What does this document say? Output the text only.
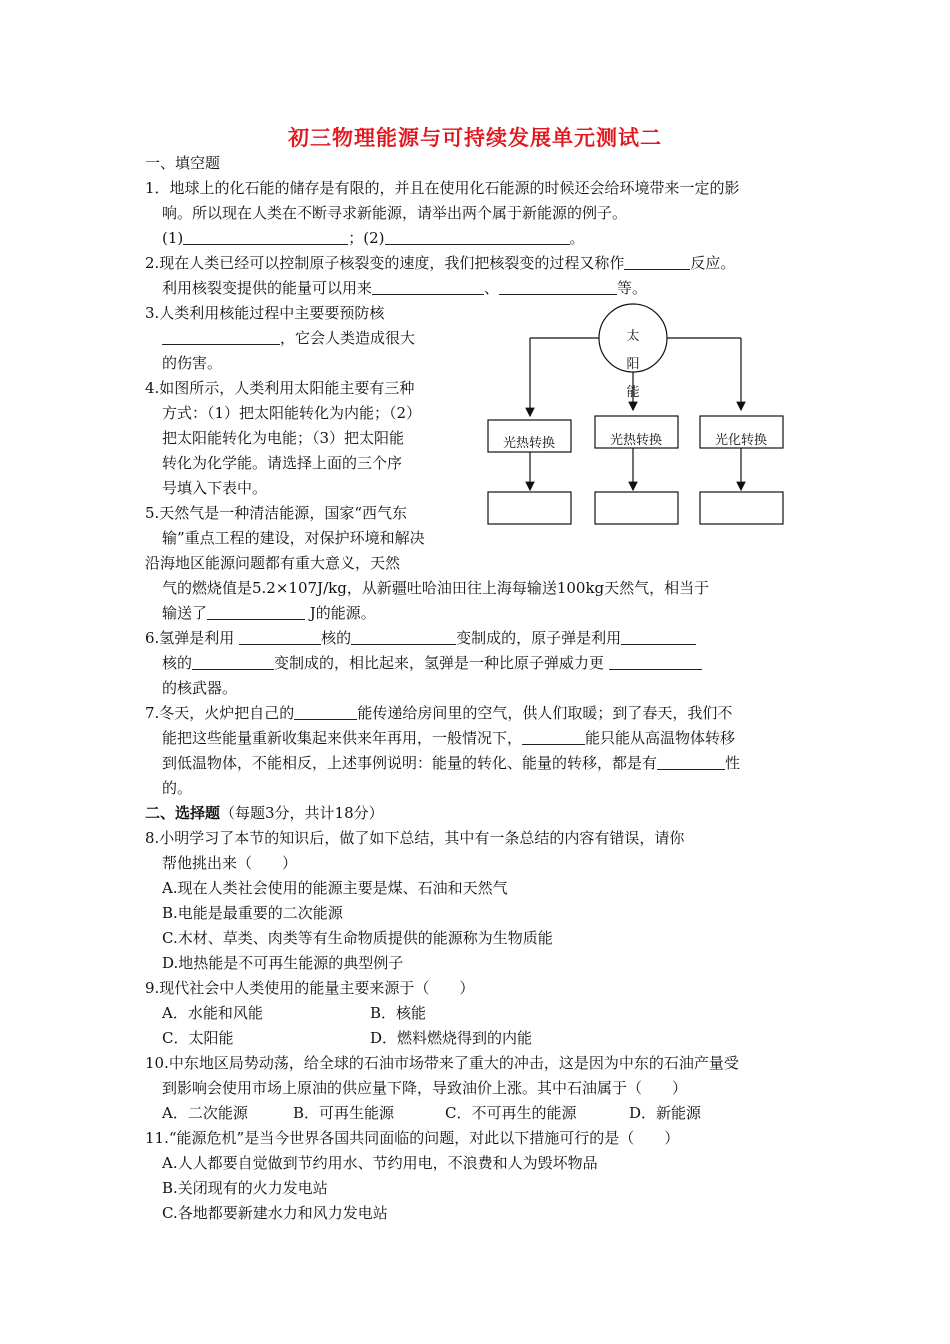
初三物理能源与可持续发展单元测试二
一、填空题
1．地球上的化石能的储存是有限的，并且在使用化石能源的时候还会给环境带来一定的影
响。所以现在人类在不断寻求新能源，请举出两个属于新能源的例子。
(1)	；(2)	。
2.现在人类已经可以控制原子核裂变的速度，我们把核裂变的过程又称作	反应。
利用核裂变提供的能量可以用来	、	等。
3.人类利用核能过程中主要要预防核
，它会人类造成很大
的伤害。
4.如图所示，人类利用太阳能主要有三种
方式：（1）把太阳能转化为内能；（2）
把太阳能转化为电能；（3）把太阳能
转化为化学能。请选择上面的三个序
号填入下表中。
太
阳
能
光热转换	光热转换	光化转换
5.天然气是一种清洁能源，国家“西气东
输”重点工程的建设，对保护环境和解决
沿海地区能源问题都有重大意义，天然
气的燃烧值是5.2×107J/kg，从新疆吐哈油田往上海每输送100kg天然气，相当于
输送了	J的能源。
6.氢弹是利用	核的	变制成的，原子弹是利用
核的	变制成的，相比起来，氢弹是一种比原子弹威力更
的核武器。
7.冬天，火炉把自己的	能传递给房间里的空气，供人们取暖；到了春天，我们不
能把这些能量重新收集起来供来年再用，一般情况下，	能只能从高温物体转移
到低温物体，不能相反，上述事例说明：能量的转化、能量的转移，都是有	性
的。
二、选择题（每题3分，共计18分）
8.小明学习了本节的知识后，做了如下总结，其中有一条总结的内容有错误，请你
帮他挑出来（　　）
A.现在人类社会使用的能源主要是煤、石油和天然气
B.电能是最重要的二次能源
C.木材、草类、肉类等有生命物质提供的能源称为生物质能
D.地热能是不可再生能源的典型例子
9.现代社会中人类使用的能量主要来源于（　　）
A．水能和风能	B．核能
C．太阳能	D．燃料燃烧得到的内能
10.中东地区局势动荡，给全球的石油市场带来了重大的冲击，这是因为中东的石油产量受
到影响会使用市场上原油的供应量下降，导致油价上涨。其中石油属于（　　）
A．二次能源	B．可再生能源	C．不可再生的能源	D．新能源
11.“能源危机”是当今世界各国共同面临的问题，对此以下措施可行的是（　　）
A.人人都要自觉做到节约用水、节约用电，不浪费和人为毁坏物品
B.关闭现有的火力发电站
C.各地都要新建水力和风力发电站
